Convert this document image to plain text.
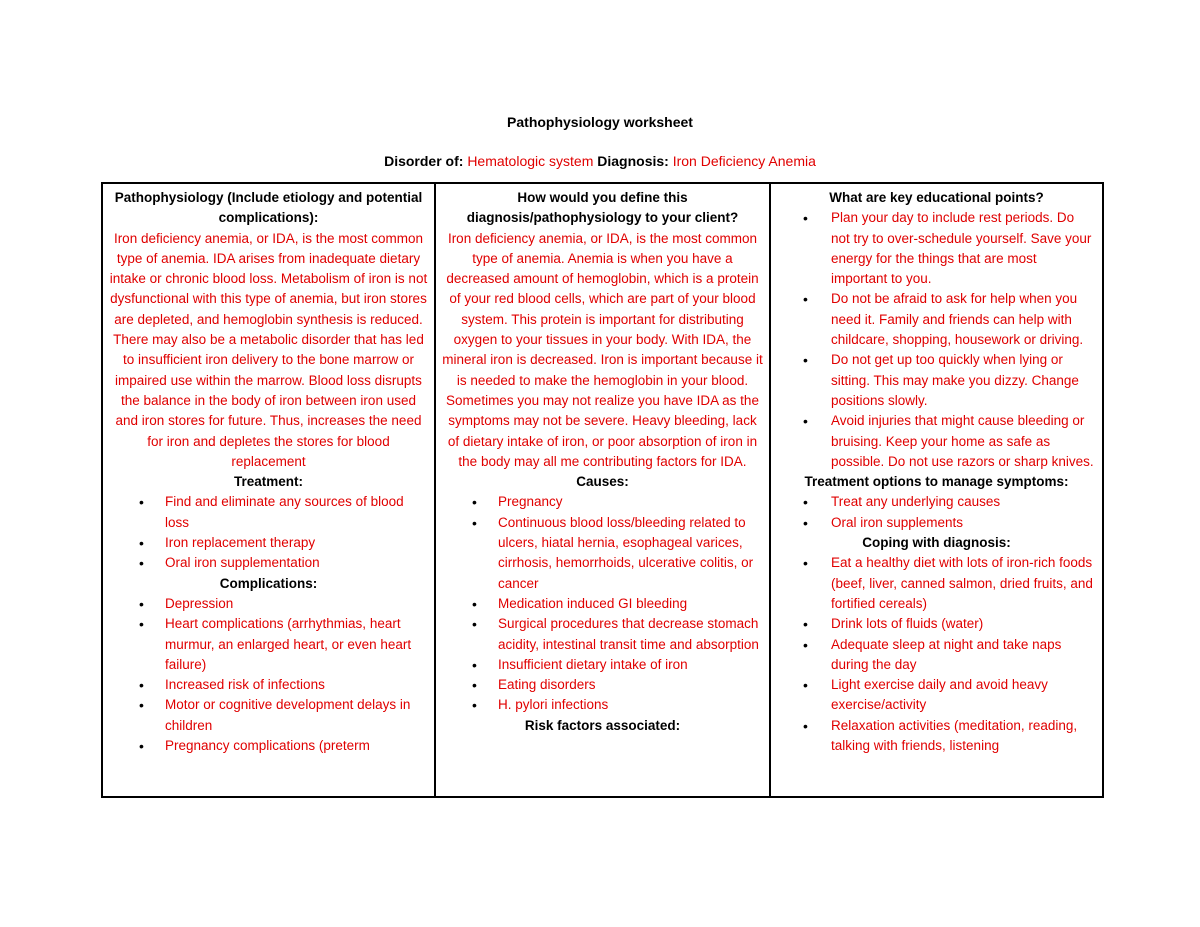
Pathophysiology worksheet
Disorder of: Hematologic system Diagnosis: Iron Deficiency Anemia
Pathophysiology (Include etiology and potential complications):
Iron deficiency anemia, or IDA, is the most common type of anemia. IDA arises from inadequate dietary intake or chronic blood loss. Metabolism of iron is not dysfunctional with this type of anemia, but iron stores are depleted, and hemoglobin synthesis is reduced. There may also be a metabolic disorder that has led to insufficient iron delivery to the bone marrow or impaired use within the marrow. Blood loss disrupts the balance in the body of iron between iron used and iron stores for future. Thus, increases the need for iron and depletes the stores for blood replacement
Treatment:
• Find and eliminate any sources of blood loss
• Iron replacement therapy
• Oral iron supplementation
Complications:
• Depression
• Heart complications (arrhythmias, heart murmur, an enlarged heart, or even heart failure)
• Increased risk of infections
• Motor or cognitive development delays in children
• Pregnancy complications (preterm
How would you define this diagnosis/pathophysiology to your client?
Iron deficiency anemia, or IDA, is the most common type of anemia. Anemia is when you have a decreased amount of hemoglobin, which is a protein of your red blood cells, which are part of your blood system. This protein is important for distributing oxygen to your tissues in your body. With IDA, the mineral iron is decreased. Iron is important because it is needed to make the hemoglobin in your blood. Sometimes you may not realize you have IDA as the symptoms may not be severe. Heavy bleeding, lack of dietary intake of iron, or poor absorption of iron in the body may all me contributing factors for IDA.
Causes:
• Pregnancy
• Continuous blood loss/bleeding related to ulcers, hiatal hernia, esophageal varices, cirrhosis, hemorrhoids, ulcerative colitis, or cancer
• Medication induced GI bleeding
• Surgical procedures that decrease stomach acidity, intestinal transit time and absorption
• Insufficient dietary intake of iron
• Eating disorders
• H. pylori infections
Risk factors associated:
What are key educational points?
• Plan your day to include rest periods. Do not try to over-schedule yourself. Save your energy for the things that are most important to you.
• Do not be afraid to ask for help when you need it. Family and friends can help with childcare, shopping, housework or driving.
• Do not get up too quickly when lying or sitting. This may make you dizzy. Change positions slowly.
• Avoid injuries that might cause bleeding or bruising. Keep your home as safe as possible. Do not use razors or sharp knives.
Treatment options to manage symptoms:
• Treat any underlying causes
• Oral iron supplements
Coping with diagnosis:
• Eat a healthy diet with lots of iron-rich foods (beef, liver, canned salmon, dried fruits, and fortified cereals)
• Drink lots of fluids (water)
• Adequate sleep at night and take naps during the day
• Light exercise daily and avoid heavy exercise/activity
• Relaxation activities (meditation, reading, talking with friends, listening
